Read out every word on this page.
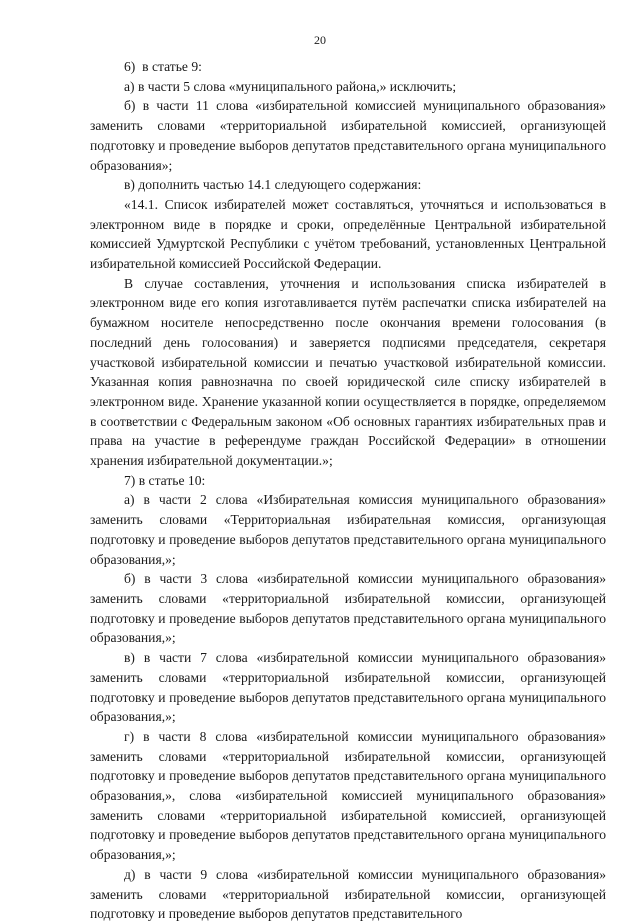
20

6)  в статье 9:

а) в части 5 слова «муниципального района,» исключить;

б) в части 11 слова «избирательной комиссией муниципального образования» заменить словами «территориальной избирательной комиссией, организующей подготовку и проведение выборов депутатов представительного органа муниципального образования»;

в) дополнить частью 14.1 следующего содержания:

«14.1. Список избирателей может составляться, уточняться и использоваться в электронном виде в порядке и сроки, определённые Центральной избирательной комиссией Удмуртской Республики с учётом требований, установленных Центральной избирательной комиссией Российской Федерации.

В случае составления, уточнения и использования списка избирателей в электронном виде его копия изготавливается путём распечатки списка избирателей на бумажном носителе непосредственно после окончания времени голосования (в последний день голосования) и заверяется подписями председателя, секретаря участковой избирательной комиссии и печатью участковой избирательной комиссии. Указанная копия равнозначна по своей юридической силе списку избирателей в электронном виде. Хранение указанной копии осуществляется в порядке, определяемом в соответствии с Федеральным законом «Об основных гарантиях избирательных прав и права на участие в референдуме граждан Российской Федерации» в отношении хранения избирательной документации.»;

7) в статье 10:

а) в части 2 слова «Избирательная комиссия муниципального образования» заменить словами «Территориальная избирательная комиссия, организующая подготовку и проведение выборов депутатов представительного органа муниципального образования,»;

б) в части 3 слова «избирательной комиссии муниципального образования» заменить словами «территориальной избирательной комиссии, организующей подготовку и проведение выборов депутатов представительного органа муниципального образования,»;

в) в части 7 слова «избирательной комиссии муниципального образования» заменить словами «территориальной избирательной комиссии, организующей подготовку и проведение выборов депутатов представительного органа муниципального образования,»;

г) в части 8 слова «избирательной комиссии муниципального образования» заменить словами «территориальной избирательной комиссии, организующей подготовку и проведение выборов депутатов представительного органа муниципального образования,», слова «избирательной комиссией муниципального образования» заменить словами «территориальной избирательной комиссией, организующей подготовку и проведение выборов депутатов представительного органа муниципального образования,»;

д) в части 9 слова «избирательной комиссии муниципального образования» заменить словами «территориальной избирательной комиссии, организующей подготовку и проведение выборов депутатов представительного
